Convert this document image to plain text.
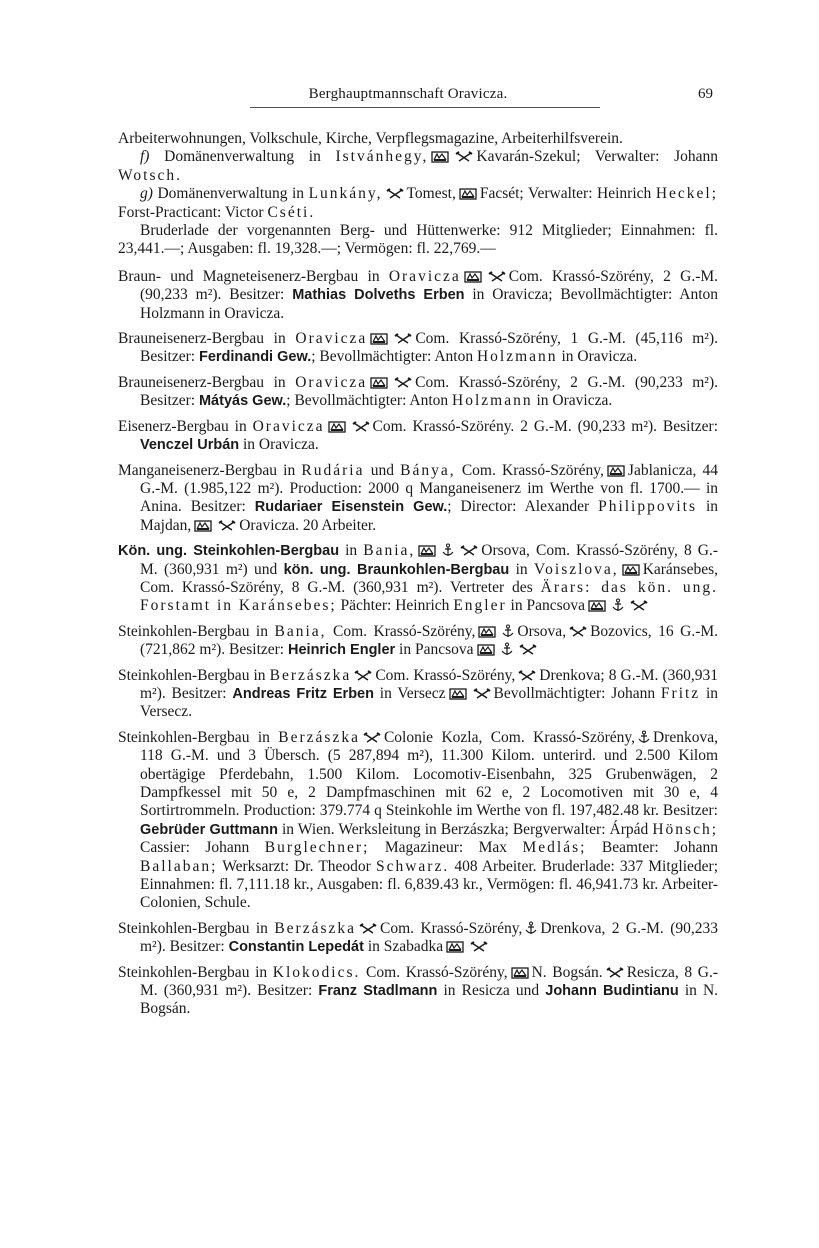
Berghauptmannschaft Oravicza.	69

Arbeiterwohnungen, Volkschule, Kirche, Verpflegsmagazine, Arbeiterhilfsverein.

f) Domänenverwaltung in Istvánhegy,	Kavarán-Szekul; Verwalter: Johann Wotsch.

g) Domänenverwaltung in Lunkány, Tomest, Facsét; Verwalter: Heinrich Heckel; Forst-Practicant: Victor Cséti.

Bruderlade der vorgenannten Berg- und Hüttenwerke: 912 Mitglieder; Einnahmen: fl. 23,441.—; Ausgaben: fl. 19,328.—; Vermögen: fl. 22,769.—

Braun- und Magneteisenerz-Bergbau in Oravicza	Com. Krassó-Szörény, 2 G.-M. (90,233 m²). Besitzer: Mathias Dolveths Erben in Oravicza; Bevollmächtigter: Anton Holzmann in Oravicza.

Brauneisenerz-Bergbau in Oravicza	Com. Krassó-Szörény, 1 G.-M. (45,116 m²). Besitzer: Ferdinandi Gew.; Bevollmächtigter: Anton Holzmann in Oravicza.

Brauneisenerz-Bergbau in Oravicza	Com. Krassó-Szörény, 2 G.-M. (90,233 m²). Besitzer: Mátyás Gew.; Bevollmächtigter: Anton Holzmann in Oravicza.

Eisenerz-Bergbau in Oravicza	Com. Krassó-Szörény. 2 G.-M. (90,233 m²). Besitzer: Venczel Urbán in Oravicza.

Manganeisenerz-Bergbau in Rudária und Bánya, Com. Krassó-Szörény, Jablanicza, 44 G.-M. (1.985,122 m²). Production: 2000 q Manganeisenerz im Werthe von fl. 1700.— in Anina. Besitzer: Rudariaer Eisenstein Gew.; Director: Alexander Philippovits in Majdan,	Oravicza. 20 Arbeiter.

Kön. ung. Steinkohlen-Bergbau in Bania,	Orsova, Com. Krassó-Szörény, 8 G.-M. (360,931 m²) und kön. ung. Braunkohlen-Bergbau in Voiszlova, Karánsebes, Com. Krassó-Szörény, 8 G.-M. (360,931 m²). Vertreter des Ärars: das kön. ung. Forstamt in Karánsebes; Pächter: Heinrich Engler in Pancsova

Steinkohlen-Bergbau in Bania, Com. Krassó-Szörény,	Orsova, Bozovics, 16 G.-M. (721,862 m²). Besitzer: Heinrich Engler in Pancsova

Steinkohlen-Bergbau in Berzászka Com. Krassó-Szörény, Drenkova; 8 G.-M. (360,931 m²). Besitzer: Andreas Fritz Erben in Versecz	Bevollmächtigter: Johann Fritz in Versecz.

Steinkohlen-Bergbau in Berzászka Colonie Kozla, Com. Krassó-Szörény, Drenkova, 118 G.-M. und 3 Übersch. (5 287,894 m²), 11.300 Kilom. unterird. und 2.500 Kilom obertägige Pferdebahn, 1.500 Kilom. Locomotiv-Eisenbahn, 325 Grubenwägen, 2 Dampfkessel mit 50 e, 2 Dampfmaschinen mit 62 e, 2 Locomotiven mit 30 e, 4 Sortirtrommeln. Production: 379.774 q Steinkohle im Werthe von fl. 197,482.48 kr. Besitzer: Gebrüder Guttmann in Wien. Werksleitung in Berzászka; Bergverwalter: Árpád Hönsch; Cassier: Johann Burglechner; Magazineur: Max Medlás; Beamter: Johann Ballaban; Werksarzt: Dr. Theodor Schwarz. 408 Arbeiter. Bruderlade: 337 Mitglieder; Einnahmen: fl. 7,111.18 kr., Ausgaben: fl. 6,839.43 kr., Vermögen: fl. 46,941.73 kr. Arbeiter-Colonien, Schule.

Steinkohlen-Bergbau in Berzászka Com. Krassó-Szörény, Drenkova, 2 G.-M. (90,233 m²). Besitzer: Constantin Lepedát in Szabadka

Steinkohlen-Bergbau in Klokodics. Com. Krassó-Szörény, N. Bogsán. Resicza, 8 G.-M. (360,931 m²). Besitzer: Franz Stadlmann in Resicza und Johann Budintianu in N. Bogsán.
